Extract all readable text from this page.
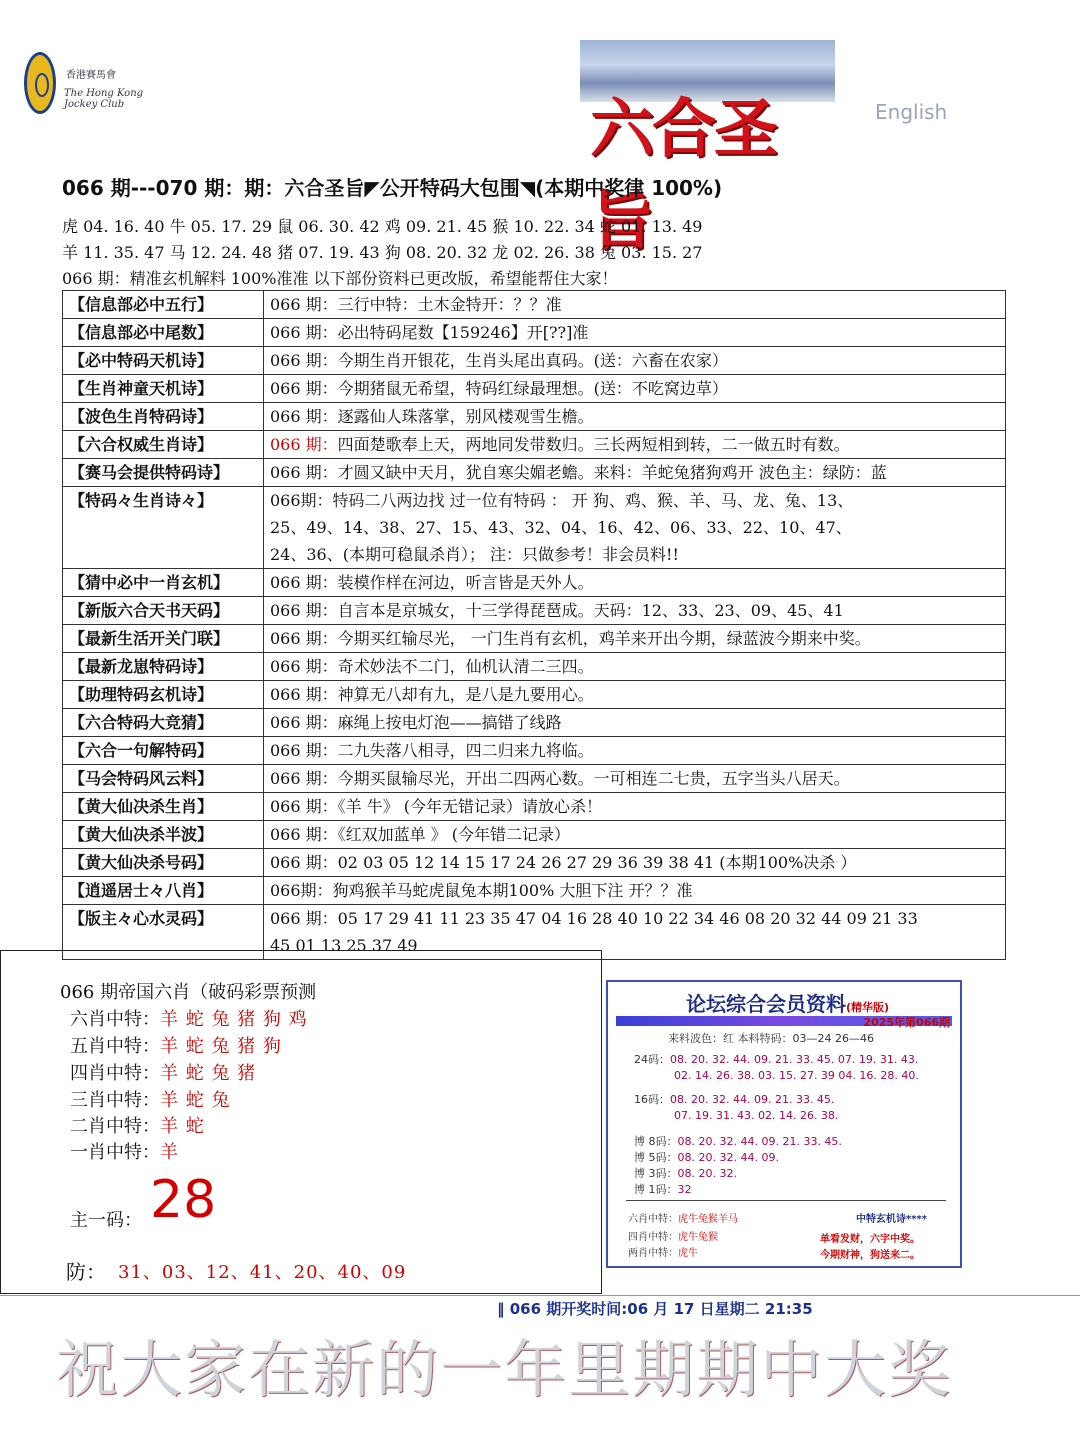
香港賽馬會
The Hong Kong Jockey Club	六合圣旨
English
066 期---070 期：期：六合圣旨◤公开特码大包围◥(本期中奖律 100%)
虎 04. 16. 40 牛 05. 17. 29 鼠 06. 30. 42 鸡 09. 21. 45 猴 10. 22. 34 蛇 01. 13. 49
羊 11. 35. 47 马 12. 24. 48 猪 07. 19. 43 狗 08. 20. 32 龙 02. 26. 38 兔 03. 15. 27
066 期：精准玄机解料 100%准准 以下部份资料已更改版，希望能帮住大家！
【信息部必中五行】	066 期：三行中特：土木金特开：？？准

【信息部必中尾数】	066 期：必出特码尾数【159246】开[??]准

【必中特码天机诗】	066 期：今期生肖开银花，生肖头尾出真码。(送：六畜在农家）

【生肖神童天机诗】	066 期：今期猪鼠无希望，特码红绿最理想。(送：不吃窝边草）

【波色生肖特码诗】	066 期：逐露仙人珠落掌，别风楼观雪生檐。

【六合权威生肖诗】	066 期：四面楚歌奉上天，两地同发带数归。三长两短相到转，二一做五时有数。
【赛马会提供特码诗】	066 期：才圆又缺中天月，犹自寒尖媚老蟾。来料：羊蛇兔猪狗鸡开 波色主：绿防：蓝

【特码々生肖诗々】	066期：特码二八两边找 过一位有特码 ： 开 狗、鸡、猴、羊、马、龙、兔、13、
25、49、14、38、27、15、43、32、04、16、42、06、33、22、10、47、
24、36、(本期可稳鼠杀肖）； 注：只做参考！非会员料!!

【猜中必中一肖玄机】	066 期：装模作样在河边，听言皆是天外人。

【新版六合天书天码】	066 期：自言本是京城女，十三学得琵琶成。天码：12、33、23、09、45、41

【最新生活开关门联】	066 期：今期买红输尽光， 一门生肖有玄机，鸡羊来开出今期，绿蓝波今期来中奖。

【最新龙崽特码诗】	066 期：奇术妙法不二门，仙机认清二三四。

【助理特码玄机诗】	066 期：神算无八却有九，是八是九要用心。

【六合特码大竞猜】	066 期：麻绳上按电灯泡——搞错了线路

【六合一句解特码】	066 期：二九失落八相寻，四二归来九将临。

【马会特码风云料】	066 期：今期买鼠输尽光，开出二四两心数。一可相连二七贵，五字当头八居天。

【黄大仙决杀生肖】	066 期：《羊 牛》 (今年无错记录）请放心杀！

【黄大仙决杀半波】	066 期：《红双加蓝单 》 (今年错二记录）

【黄大仙决杀号码】	066 期：02 03 05 12 14 15 17 24 26 27 29 36 39 38 41 (本期100%决杀 ）

【逍遥居士々八肖】	066期：狗鸡猴羊马蛇虎鼠兔本期100% 大胆下注 开？？准

【版主々心水灵码】	066 期：05 17 29 41 11 23 35 47 04 16 28 40 10 22 34 46 08 20 32 44 09 21 33
45 01 13 25 37 49
066 期帝国六肖（破码彩票预测
六肖中特：羊 蛇 兔 猪 狗 鸡
五肖中特：羊 蛇 兔 猪 狗
四肖中特：羊 蛇 兔 猪
三肖中特：羊 蛇 兔
二肖中特：羊 蛇
一肖中特：羊
主一码： 28
防： 31、03、12、41、20、40、09
论坛综合会员资料(精华版)
2025年第066期
来料波色：红 本料特码：03—24 26—46
24码：08. 20. 32. 44. 09. 21. 33. 45. 07. 19. 31. 43.
02. 14. 26. 38. 03. 15. 27. 39 04. 16. 28. 40.
16码：08. 20. 32. 44. 09. 21. 33. 45.
07. 19. 31. 43. 02. 14. 26. 38.
博 8码：08. 20. 32. 44. 09. 21. 33. 45.
博 5码：08. 20. 32. 44. 09.
博 3码：08. 20. 32.
博 1码：32
六肖中特：虎牛兔猴羊马
四肖中特：虎牛兔猴
两肖中特：虎牛
中特玄机诗****
单看发财，六字中奖。
今期财神，狗送来二。
‖ 066 期开奖时间:06 月 17 日星期二 21:35
祝大家在新的一年里期期中大奖
